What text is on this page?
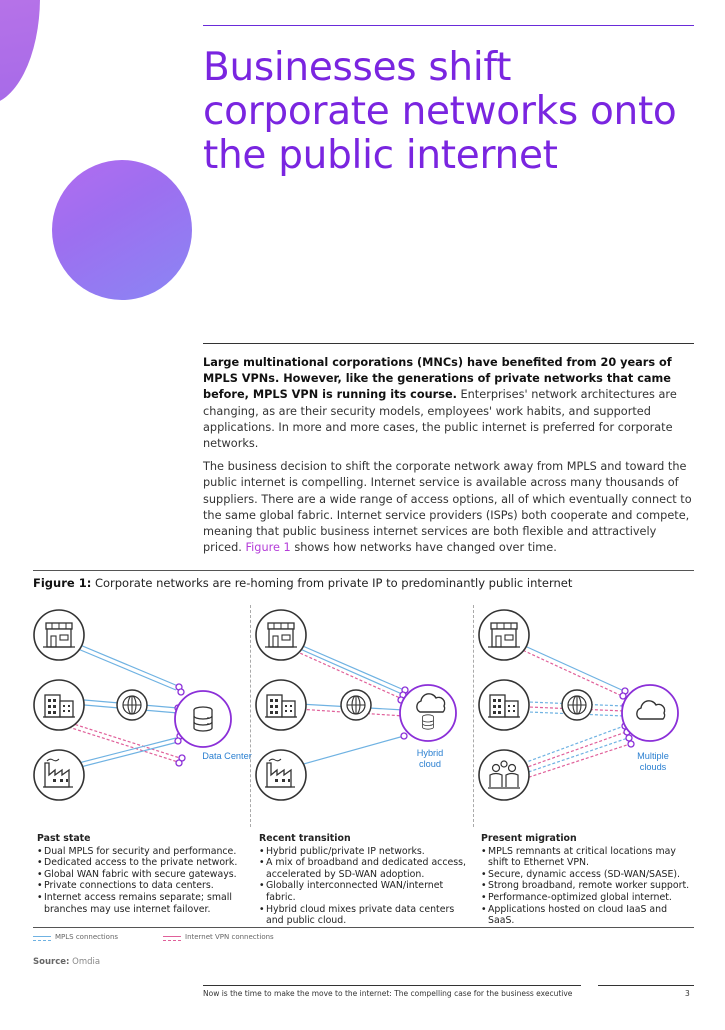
Businesses shift corporate networks onto the public internet

Large multinational corporations (MNCs) have benefited from 20 years of MPLS VPNs. However, like the generations of private networks that came before, MPLS VPN is running its course. Enterprises' network architectures are changing, as are their security models, employees' work habits, and supported applications. In more and more cases, the public internet is preferred for corporate networks.

The business decision to shift the corporate network away from MPLS and toward the public internet is compelling. Internet service is available across many thousands of suppliers. There are a wide range of access options, all of which eventually connect to the same global fabric. Internet service providers (ISPs) both cooperate and compete, meaning that public business internet services are both flexible and attractively priced. Figure 1 shows how networks have changed over time.

Figure 1: Corporate networks are re-homing from private IP to predominantly public internet
Data Center	Hybrid
cloud
Multiple
clouds
Past state
• Dual MPLS for security and performance.
• Dedicated access to the private network.
• Global WAN fabric with secure gateways.
• Private connections to data centers.
• Internet access remains separate; small branches may use internet failover.
Recent transition
• Hybrid public/private IP networks.
• A mix of broadband and dedicated access, accelerated by SD-WAN adoption.
• Globally interconnected WAN/internet fabric.
• Hybrid cloud mixes private data centers and public cloud.
Present migration
• MPLS remnants at critical locations may shift to Ethernet VPN.
• Secure, dynamic access (SD-WAN/SASE).
• Strong broadband, remote worker support.
• Performance-optimized global internet.
• Applications hosted on cloud IaaS and SaaS.
MPLS connections	Internet VPN connections
Source: Omdia
Now is the time to make the move to the internet: The compelling case for the business executive	3
